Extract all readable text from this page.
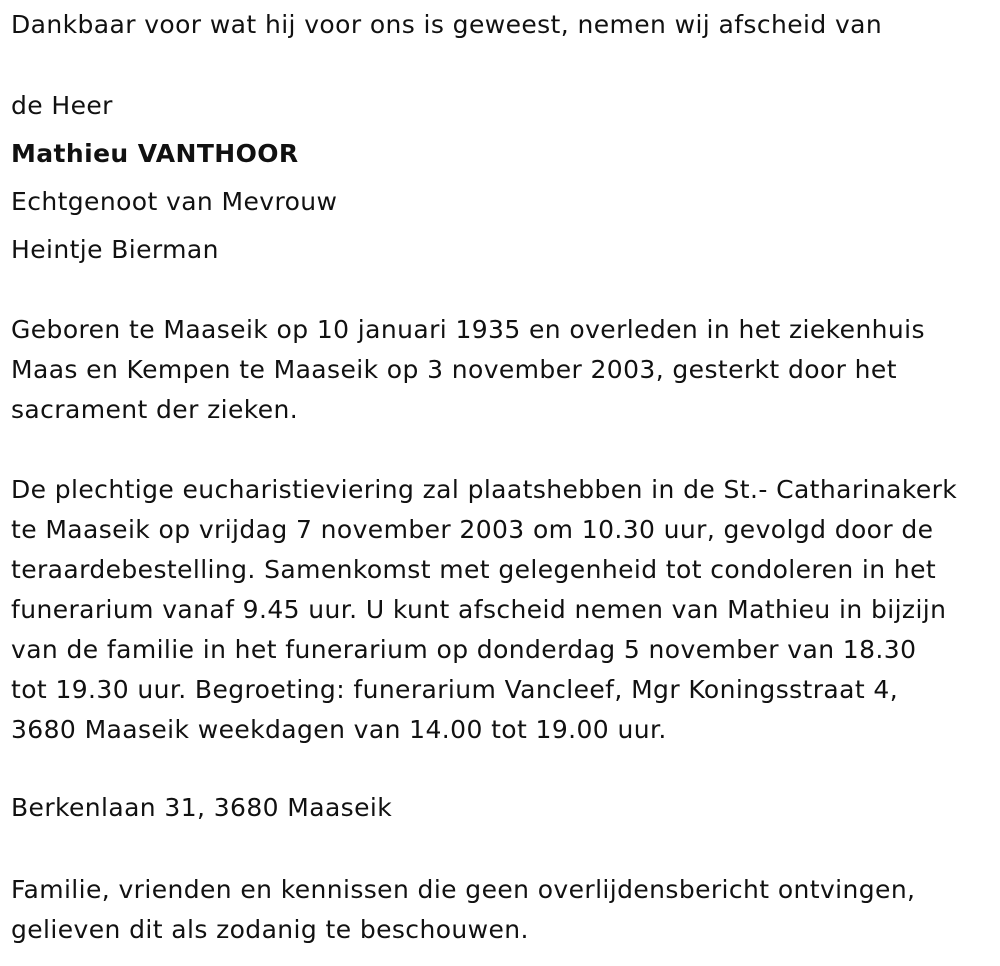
Dankbaar voor wat hij voor ons is geweest, nemen wij afscheid van

de Heer

Mathieu VANTHOOR

Echtgenoot van Mevrouw

Heintje Bierman

Geboren te Maaseik op 10 januari 1935 en overleden in het ziekenhuis
Maas en Kempen te Maaseik op 3 november 2003, gesterkt door het
sacrament der zieken.

De plechtige eucharistieviering zal plaatshebben in de St.- Catharinakerk
te Maaseik op vrijdag 7 november 2003 om 10.30 uur, gevolgd door de
teraardebestelling. Samenkomst met gelegenheid tot condoleren in het
funerarium vanaf 9.45 uur. U kunt afscheid nemen van Mathieu in bijzijn
van de familie in het funerarium op donderdag 5 november van 18.30
tot 19.30 uur. Begroeting: funerarium Vancleef, Mgr Koningsstraat 4,
3680 Maaseik weekdagen van 14.00 tot 19.00 uur.

Berkenlaan 31, 3680 Maaseik

Familie, vrienden en kennissen die geen overlijdensbericht ontvingen,
gelieven dit als zodanig te beschouwen.
